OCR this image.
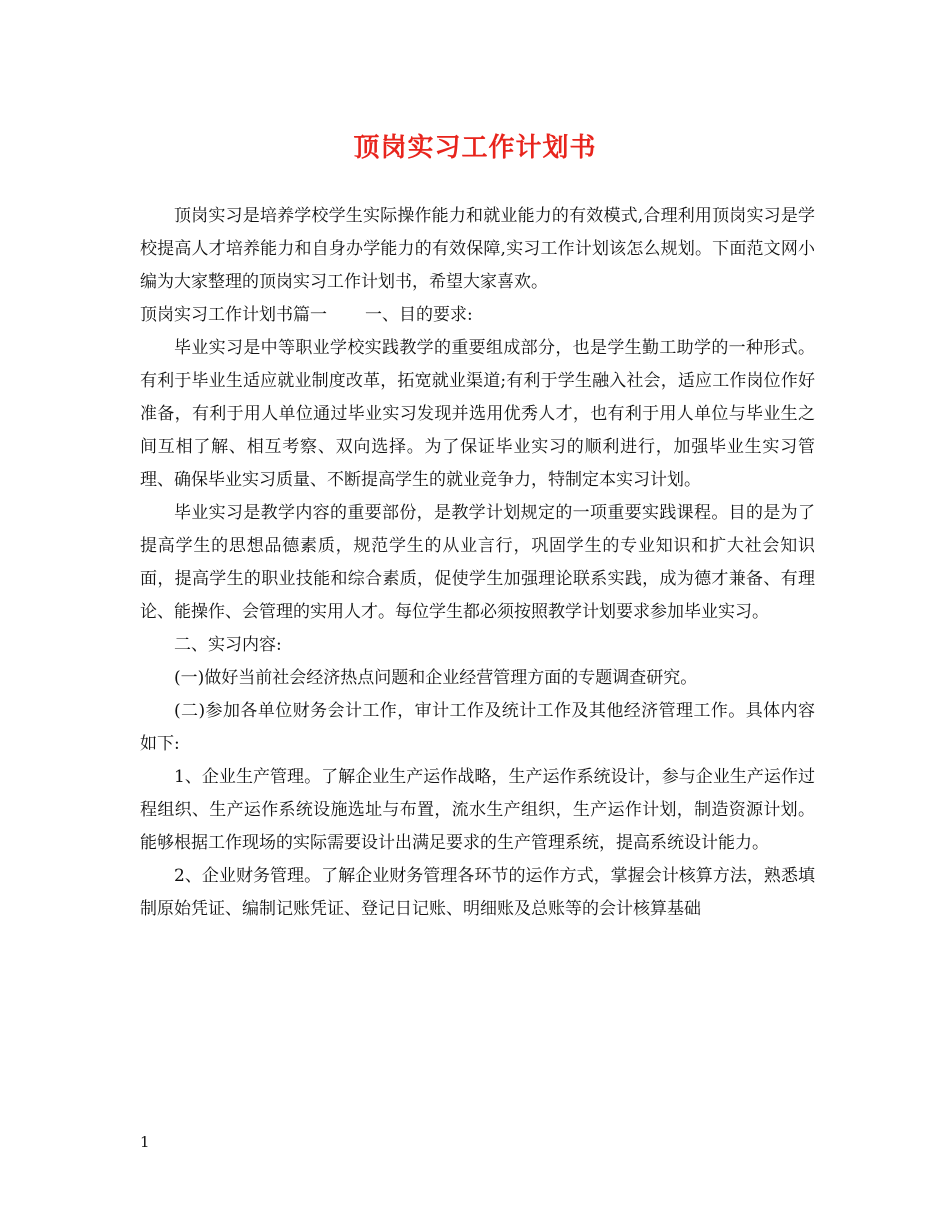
顶岗实习工作计划书

顶岗实习是培养学校学生实际操作能力和就业能力的有效模式,合理利用顶岗实习是学校提高人才培养能力和自身办学能力的有效保障,实习工作计划该怎么规划。下面范文网小编为大家整理的顶岗实习工作计划书，希望大家喜欢。

顶岗实习工作计划书篇一 一、目的要求:

毕业实习是中等职业学校实践教学的重要组成部分，也是学生勤工助学的一种形式。有利于毕业生适应就业制度改革，拓宽就业渠道;有利于学生融入社会，适应工作岗位作好准备，有利于用人单位通过毕业实习发现并选用优秀人才，也有利于用人单位与毕业生之间互相了解、相互考察、双向选择。为了保证毕业实习的顺利进行，加强毕业生实习管理、确保毕业实习质量、不断提高学生的就业竞争力，特制定本实习计划。

毕业实习是教学内容的重要部份，是教学计划规定的一项重要实践课程。目的是为了提高学生的思想品德素质，规范学生的从业言行，巩固学生的专业知识和扩大社会知识面，提高学生的职业技能和综合素质，促使学生加强理论联系实践，成为德才兼备、有理论、能操作、会管理的实用人才。每位学生都必须按照教学计划要求参加毕业实习。

二、实习内容:

(一)做好当前社会经济热点问题和企业经营管理方面的专题调查研究。

(二)参加各单位财务会计工作，审计工作及统计工作及其他经济管理工作。具体内容如下:

1、企业生产管理。了解企业生产运作战略，生产运作系统设计，参与企业生产运作过程组织、生产运作系统设施选址与布置，流水生产组织，生产运作计划，制造资源计划。能够根据工作现场的实际需要设计出满足要求的生产管理系统，提高系统设计能力。

2、企业财务管理。了解企业财务管理各环节的运作方式，掌握会计核算方法，熟悉填制原始凭证、编制记账凭证、登记日记账、明细账及总账等的会计核算基础

1
